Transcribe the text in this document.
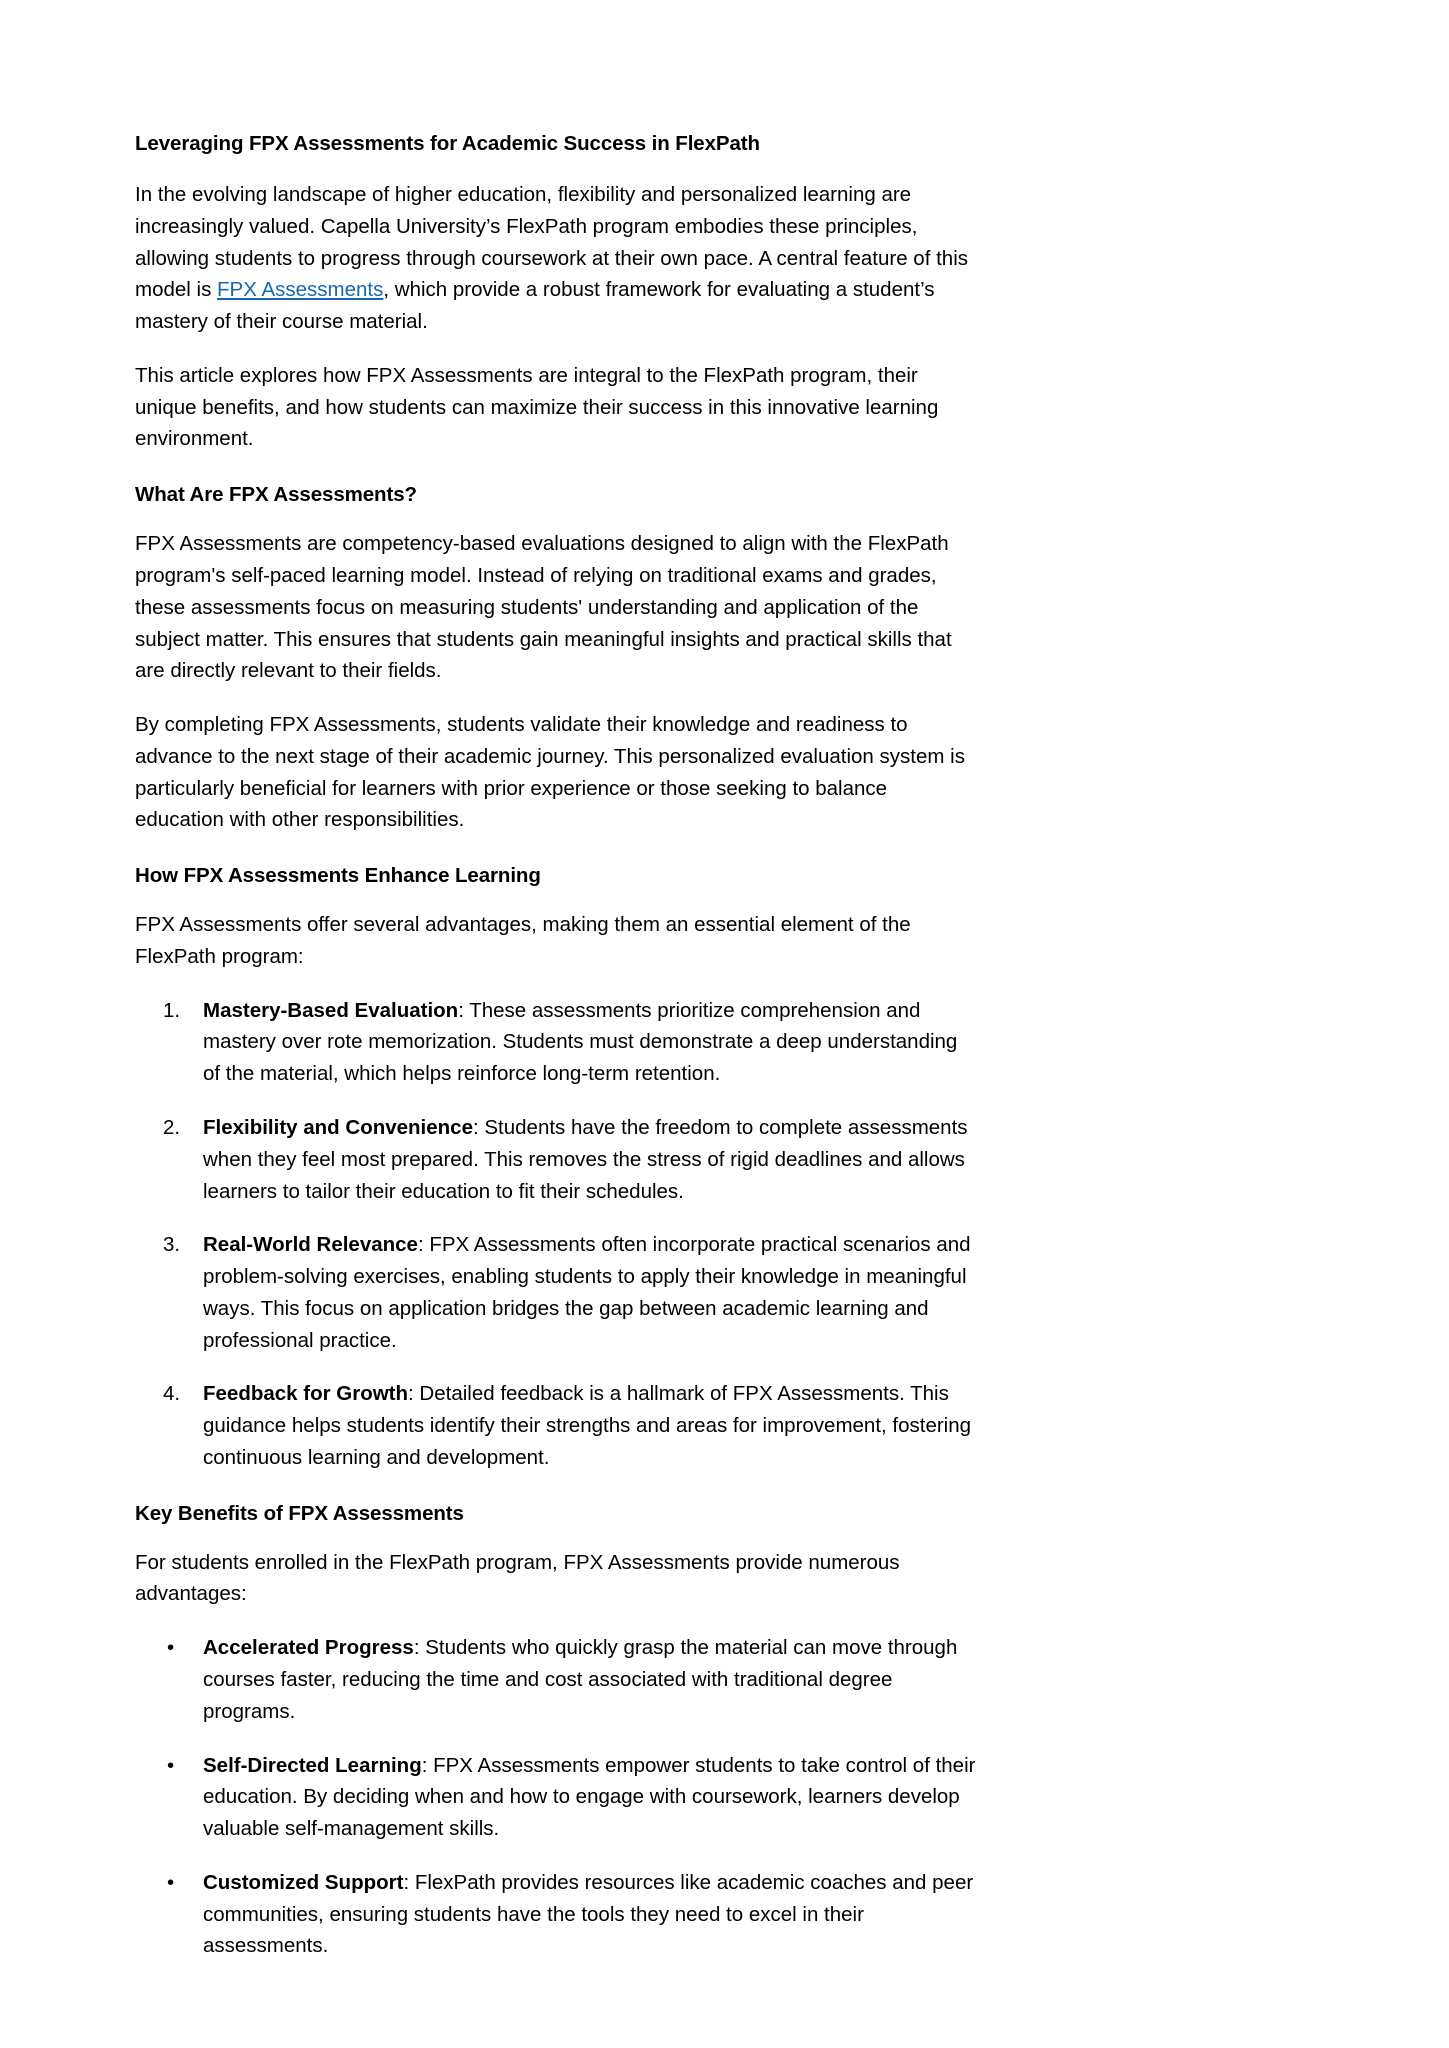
Leveraging FPX Assessments for Academic Success in FlexPath

In the evolving landscape of higher education, flexibility and personalized learning are increasingly valued. Capella University’s FlexPath program embodies these principles, allowing students to progress through coursework at their own pace. A central feature of this model is FPX Assessments, which provide a robust framework for evaluating a student’s mastery of their course material.

This article explores how FPX Assessments are integral to the FlexPath program, their unique benefits, and how students can maximize their success in this innovative learning environment.

What Are FPX Assessments?

FPX Assessments are competency-based evaluations designed to align with the FlexPath program's self-paced learning model. Instead of relying on traditional exams and grades, these assessments focus on measuring students' understanding and application of the subject matter. This ensures that students gain meaningful insights and practical skills that are directly relevant to their fields.

By completing FPX Assessments, students validate their knowledge and readiness to advance to the next stage of their academic journey. This personalized evaluation system is particularly beneficial for learners with prior experience or those seeking to balance education with other responsibilities.

How FPX Assessments Enhance Learning

FPX Assessments offer several advantages, making them an essential element of the FlexPath program:

Mastery-Based Evaluation: These assessments prioritize comprehension and mastery over rote memorization. Students must demonstrate a deep understanding of the material, which helps reinforce long-term retention.
Flexibility and Convenience: Students have the freedom to complete assessments when they feel most prepared. This removes the stress of rigid deadlines and allows learners to tailor their education to fit their schedules.
Real-World Relevance: FPX Assessments often incorporate practical scenarios and problem-solving exercises, enabling students to apply their knowledge in meaningful ways. This focus on application bridges the gap between academic learning and professional practice.
Feedback for Growth: Detailed feedback is a hallmark of FPX Assessments. This guidance helps students identify their strengths and areas for improvement, fostering continuous learning and development.
Key Benefits of FPX Assessments

For students enrolled in the FlexPath program, FPX Assessments provide numerous advantages:

• Accelerated Progress: Students who quickly grasp the material can move through courses faster, reducing the time and cost associated with traditional degree programs.
• Self-Directed Learning: FPX Assessments empower students to take control of their education. By deciding when and how to engage with coursework, learners develop valuable self-management skills.
• Customized Support: FlexPath provides resources like academic coaches and peer communities, ensuring students have the tools they need to excel in their assessments.
